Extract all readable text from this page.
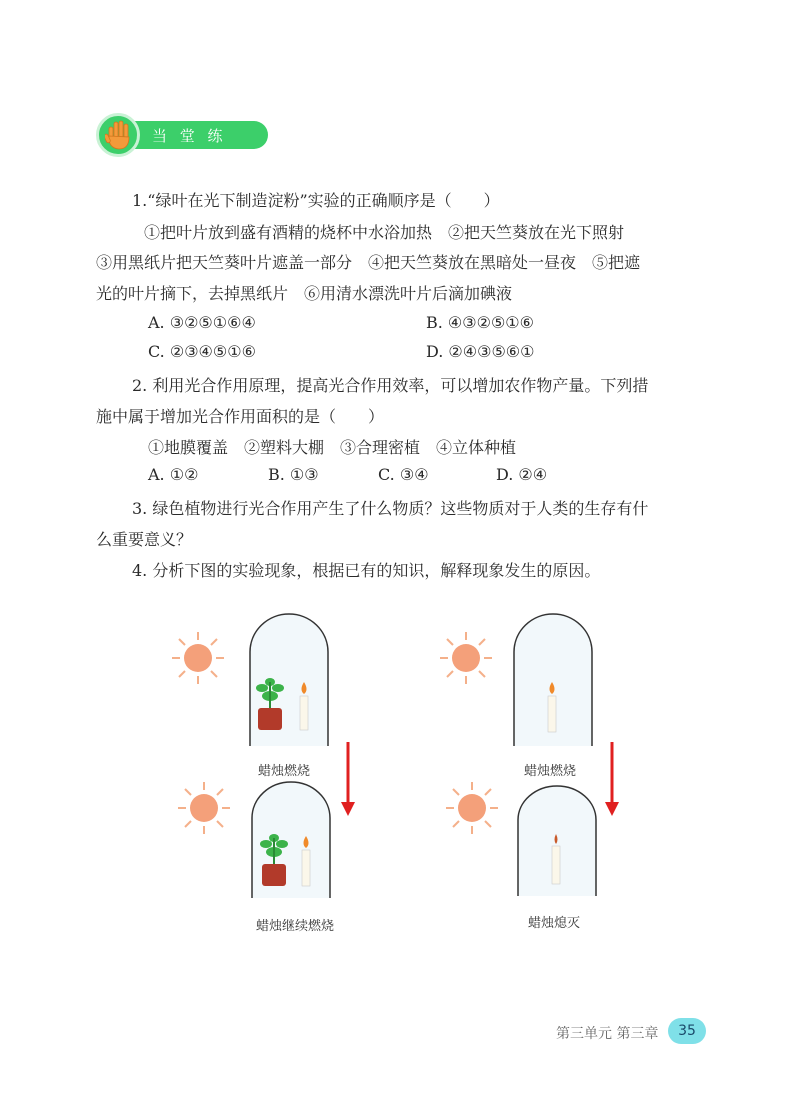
当 堂 练
1.“绿叶在光下制造淀粉”实验的正确顺序是（　　）
①把叶片放到盛有酒精的烧杯中水浴加热　②把天竺葵放在光下照射
③用黑纸片把天竺葵叶片遮盖一部分　④把天竺葵放在黑暗处一昼夜　⑤把遮
光的叶片摘下，去掉黑纸片　⑥用清水漂洗叶片后滴加碘液
A. ③②⑤①⑥④	B. ④③②⑤①⑥
C. ②③④⑤①⑥	D. ②④③⑤⑥①
2. 利用光合作用原理，提高光合作用效率，可以增加农作物产量。下列措
施中属于增加光合作用面积的是（　　）
①地膜覆盖　②塑料大棚　③合理密植　④立体种植
A. ①②	B. ①③	C. ③④	D. ②④
3. 绿色植物进行光合作用产生了什么物质？这些物质对于人类的生存有什
么重要意义？
4. 分析下图的实验现象，根据已有的知识，解释现象发生的原因。
蜡烛燃烧
蜡烛继续燃烧
蜡烛燃烧
蜡烛熄灭
第三单元 第三章	35
